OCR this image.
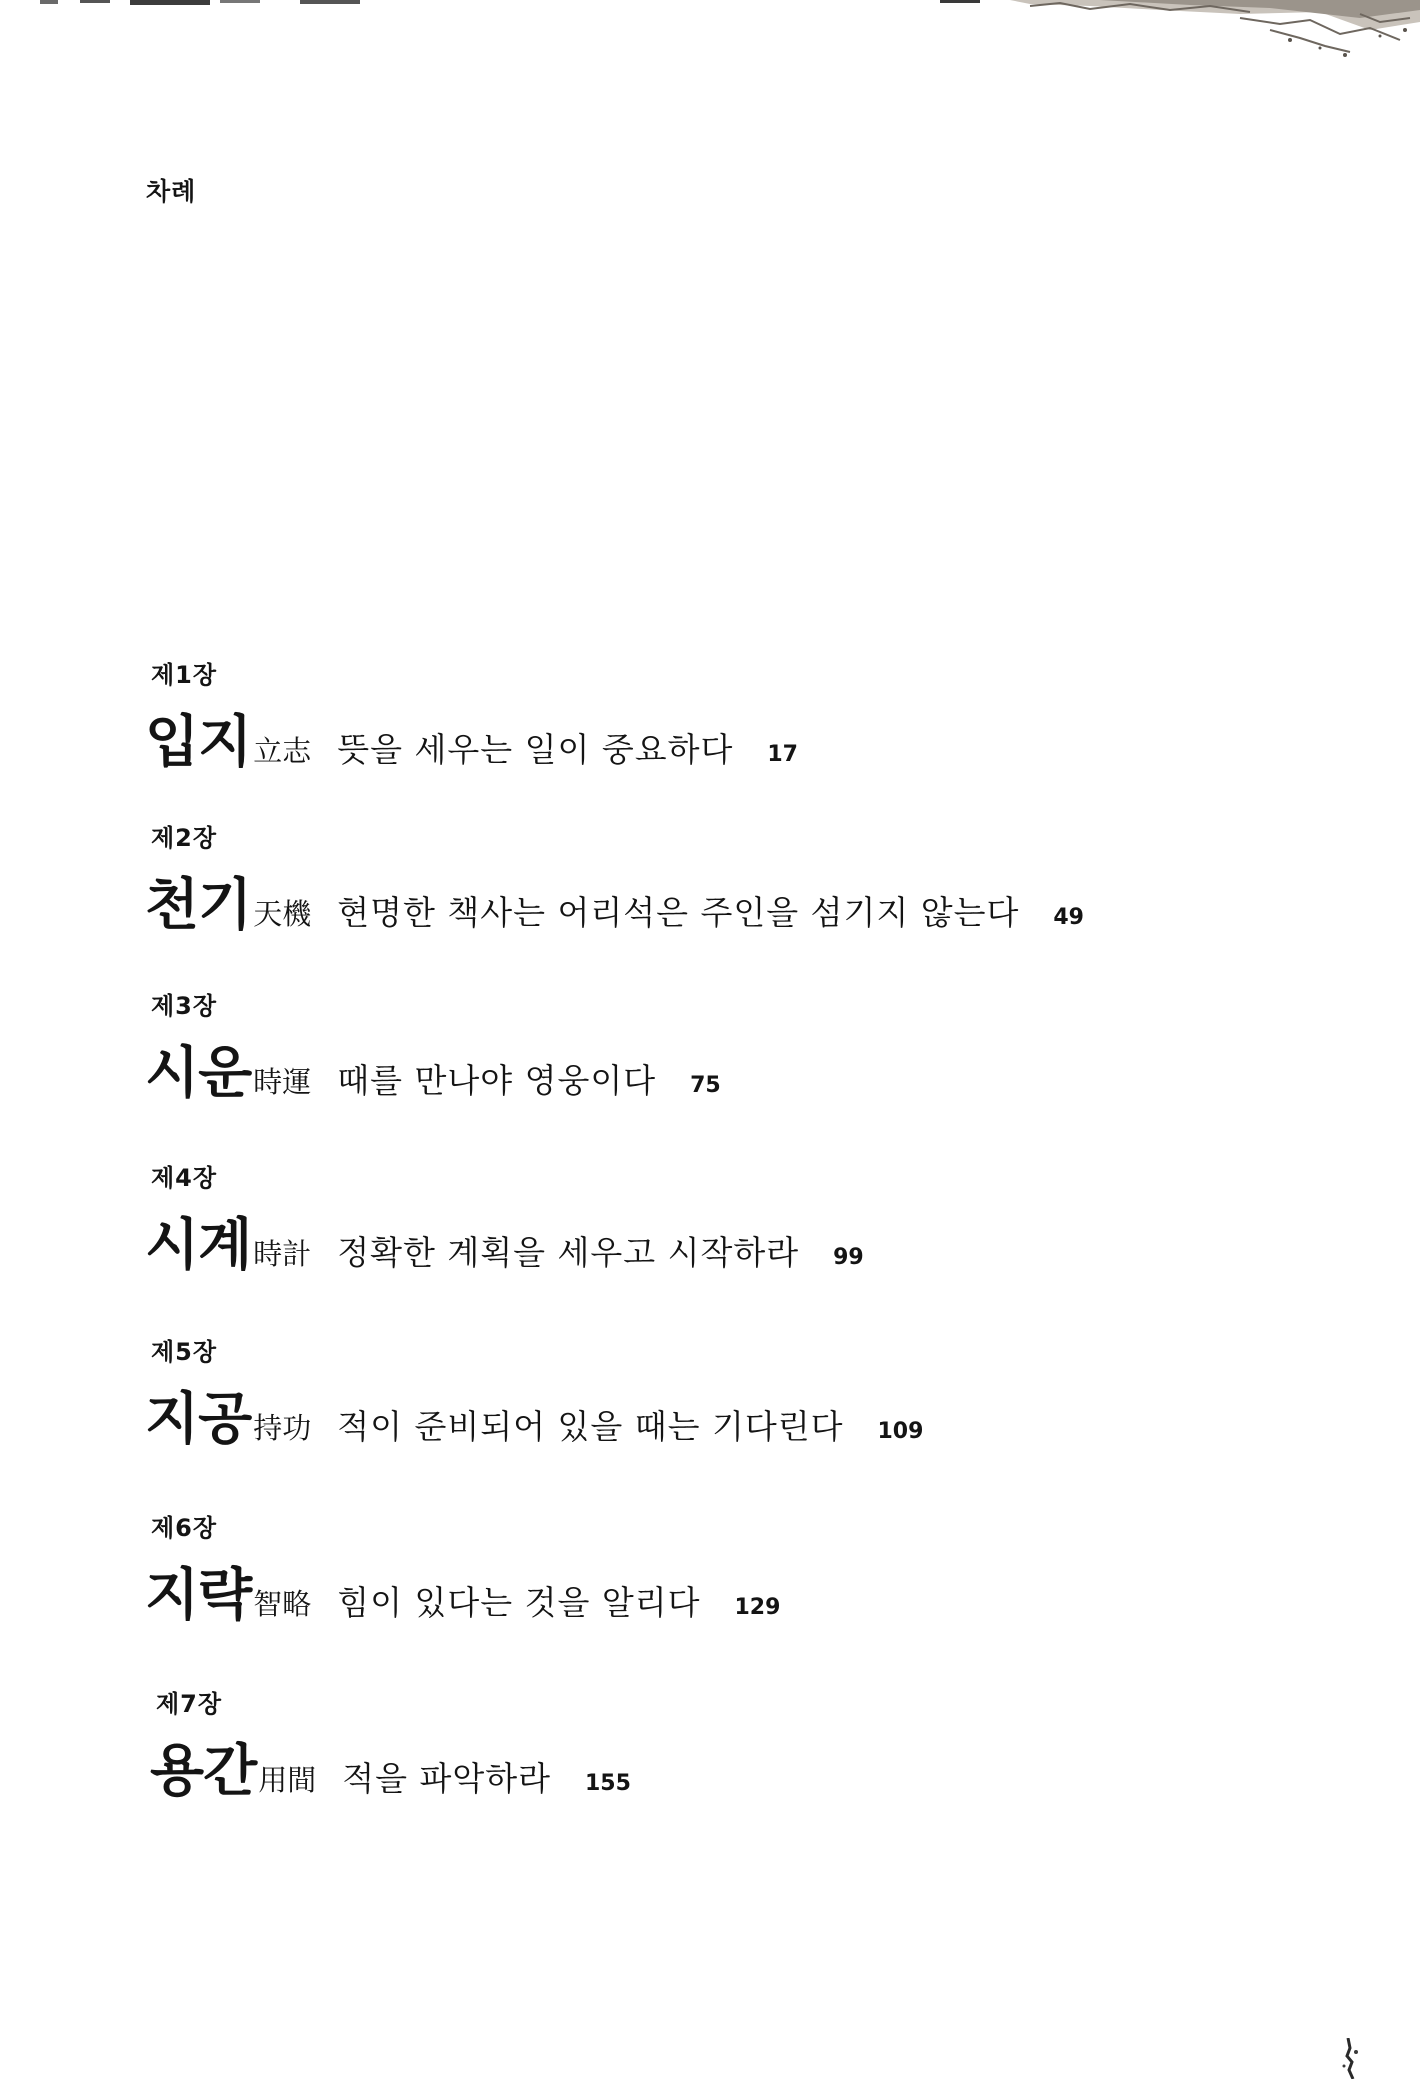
차례
제1장
입지 立志 뜻을 세우는 일이 중요하다 17
제2장
천기 天機 현명한 책사는 어리석은 주인을 섬기지 않는다 49
제3장
시운 時運 때를 만나야 영웅이다 75
제4장
시계 時計 정확한 계획을 세우고 시작하라 99
제5장
지공 持功 적이 준비되어 있을 때는 기다린다 109
제6장
지략 智略 힘이 있다는 것을 알리다 129
제7장
용간 用間 적을 파악하라 155
